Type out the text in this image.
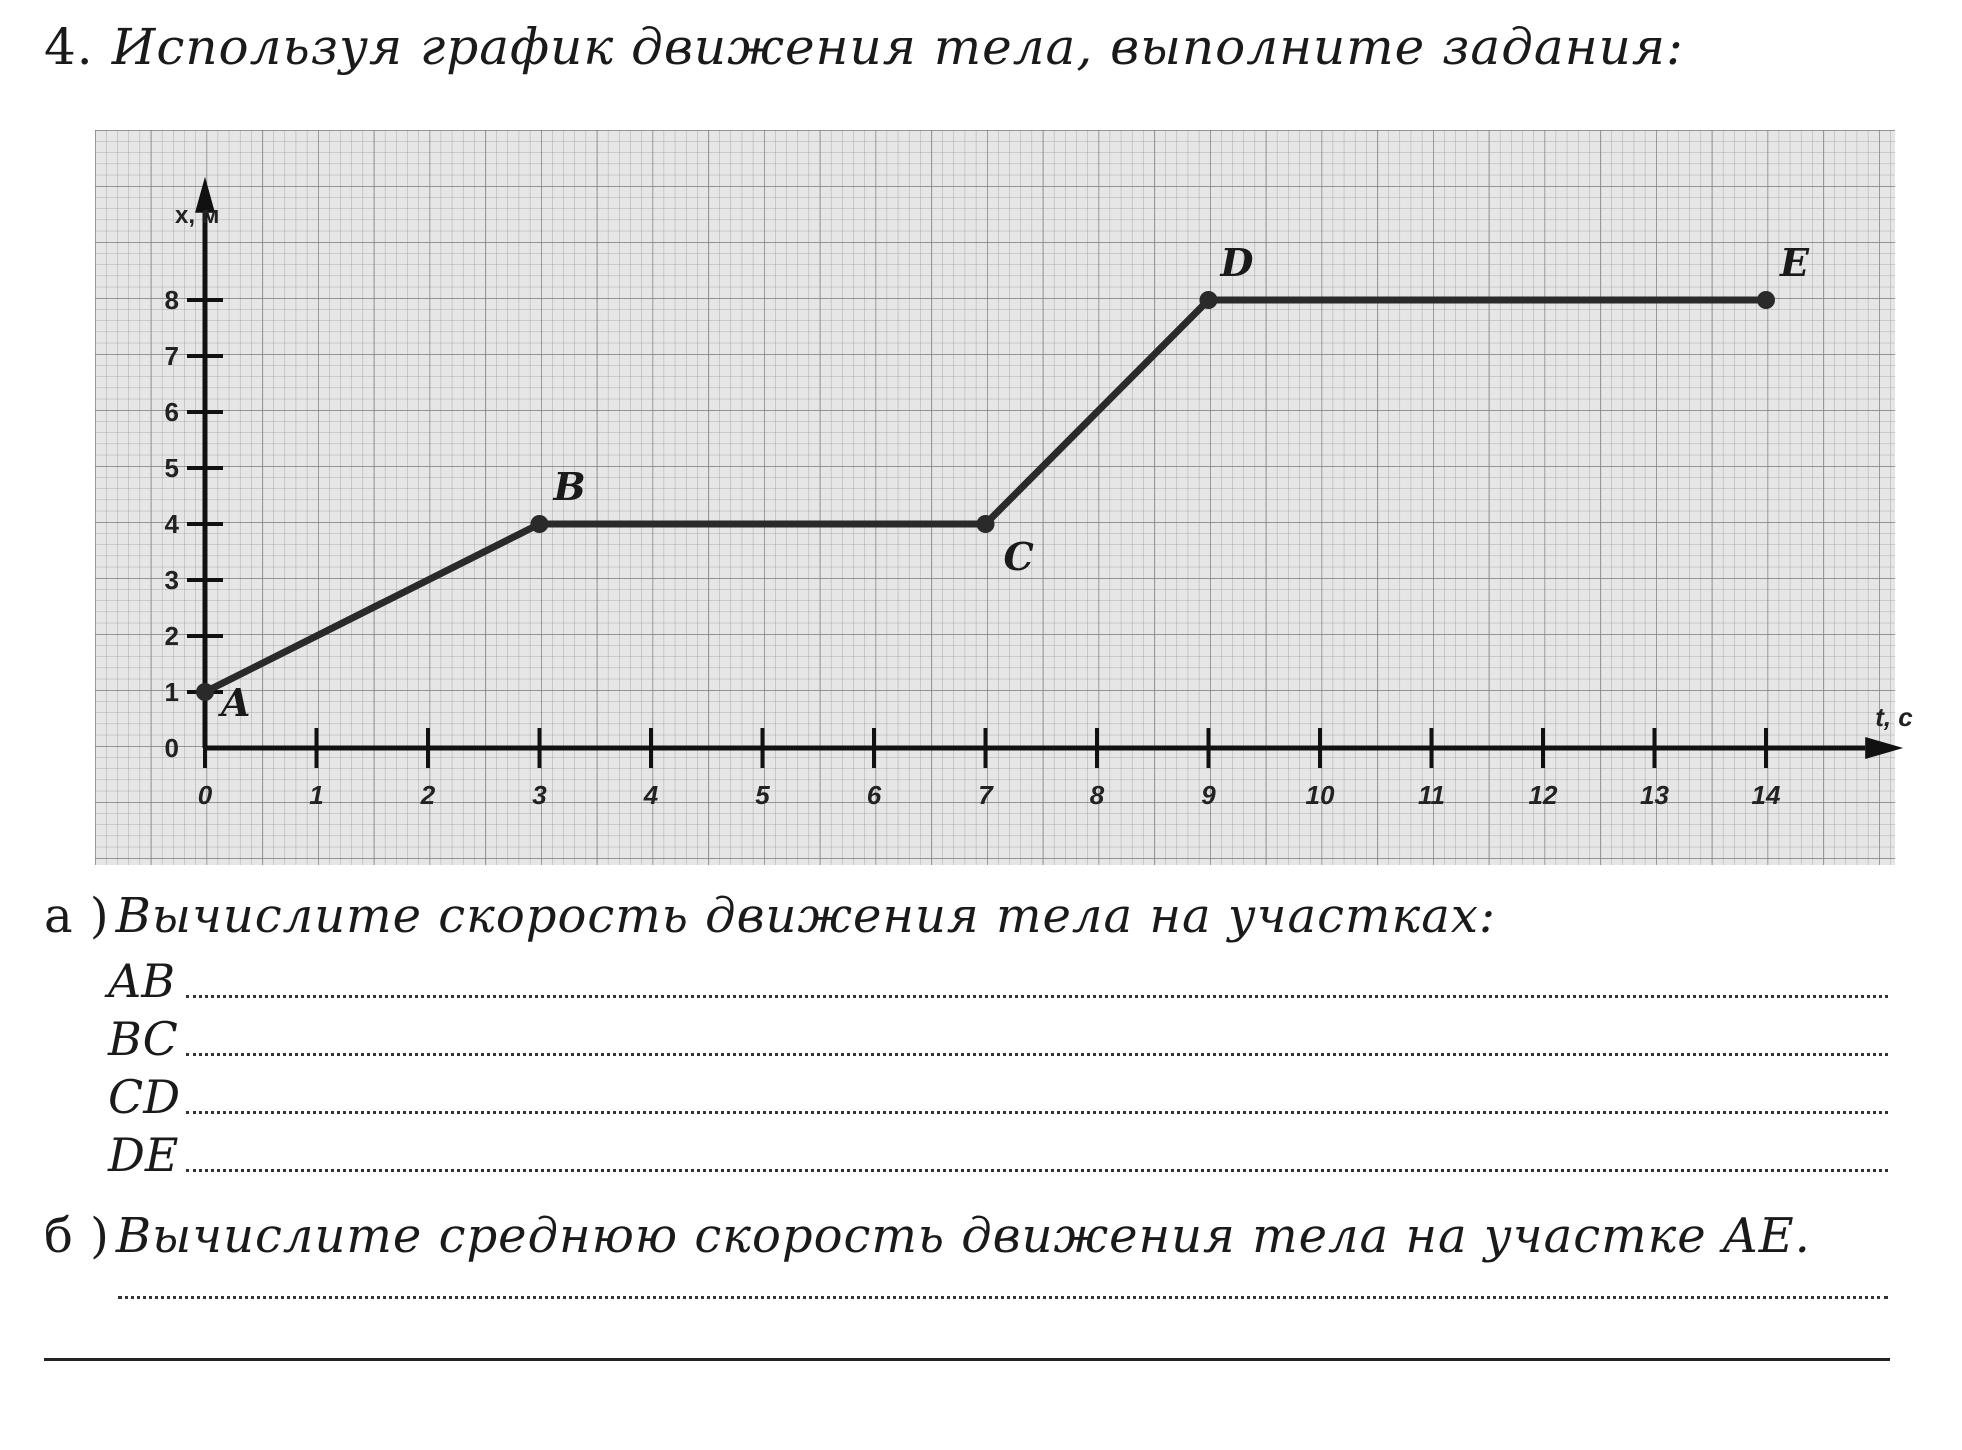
4. Используя график движения тела, выполните задания:
0	1	2	3	4	5	6	7	8	9	10	11	12	13	14
0
1
2
3
4
5
6
7
8
A
B
C
D	E
x, м
t, с
а ) Вычислите скорость движения тела на участках:
AB
BC
CD
DE
б ) Вычислите среднюю скорость движения тела на участке AE.
